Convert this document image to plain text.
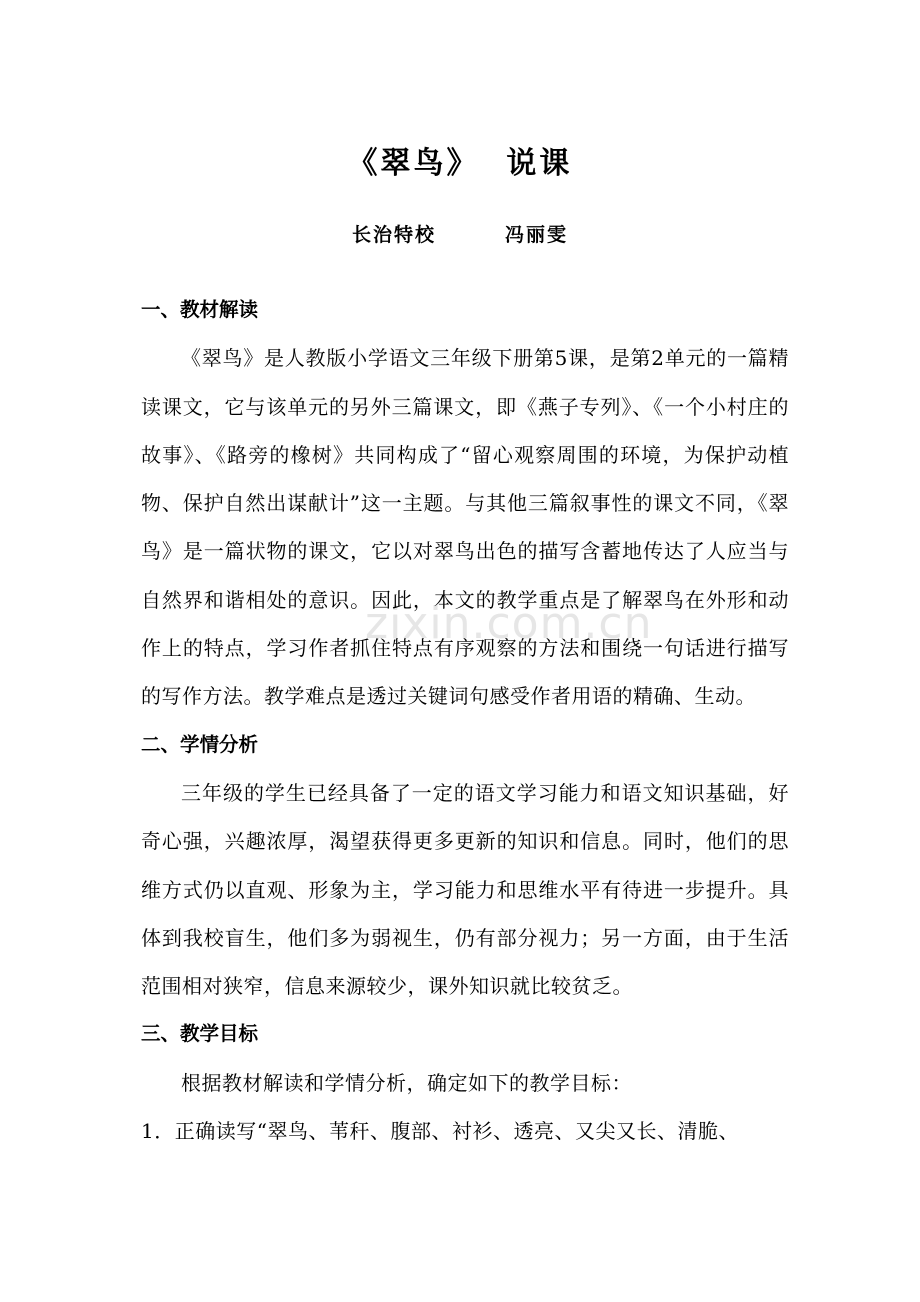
zixin.com.cn
《翠鸟》  说课
长治特校        冯丽雯
一、教材解读
《翠鸟》是人教版小学语文三年级下册第5课，是第2单元的一篇精读课文，它与该单元的另外三篇课文，即《燕子专列》、《一个小村庄的故事》、《路旁的橡树》共同构成了“留心观察周围的环境，为保护动植物、保护自然出谋献计”这一主题。与其他三篇叙事性的课文不同，《翠鸟》是一篇状物的课文，它以对翠鸟出色的描写含蓄地传达了人应当与自然界和谐相处的意识。因此，本文的教学重点是了解翠鸟在外形和动作上的特点，学习作者抓住特点有序观察的方法和围绕一句话进行描写的写作方法。教学难点是透过关键词句感受作者用语的精确、生动。
二、学情分析
三年级的学生已经具备了一定的语文学习能力和语文知识基础，好奇心强，兴趣浓厚，渴望获得更多更新的知识和信息。同时，他们的思维方式仍以直观、形象为主，学习能力和思维水平有待进一步提升。具体到我校盲生，他们多为弱视生，仍有部分视力；另一方面，由于生活范围相对狭窄，信息来源较少，课外知识就比较贫乏。
三、教学目标
根据教材解读和学情分析，确定如下的教学目标：
1．正确读写“翠鸟、苇秆、腹部、衬衫、透亮、又尖又长、清脆、
